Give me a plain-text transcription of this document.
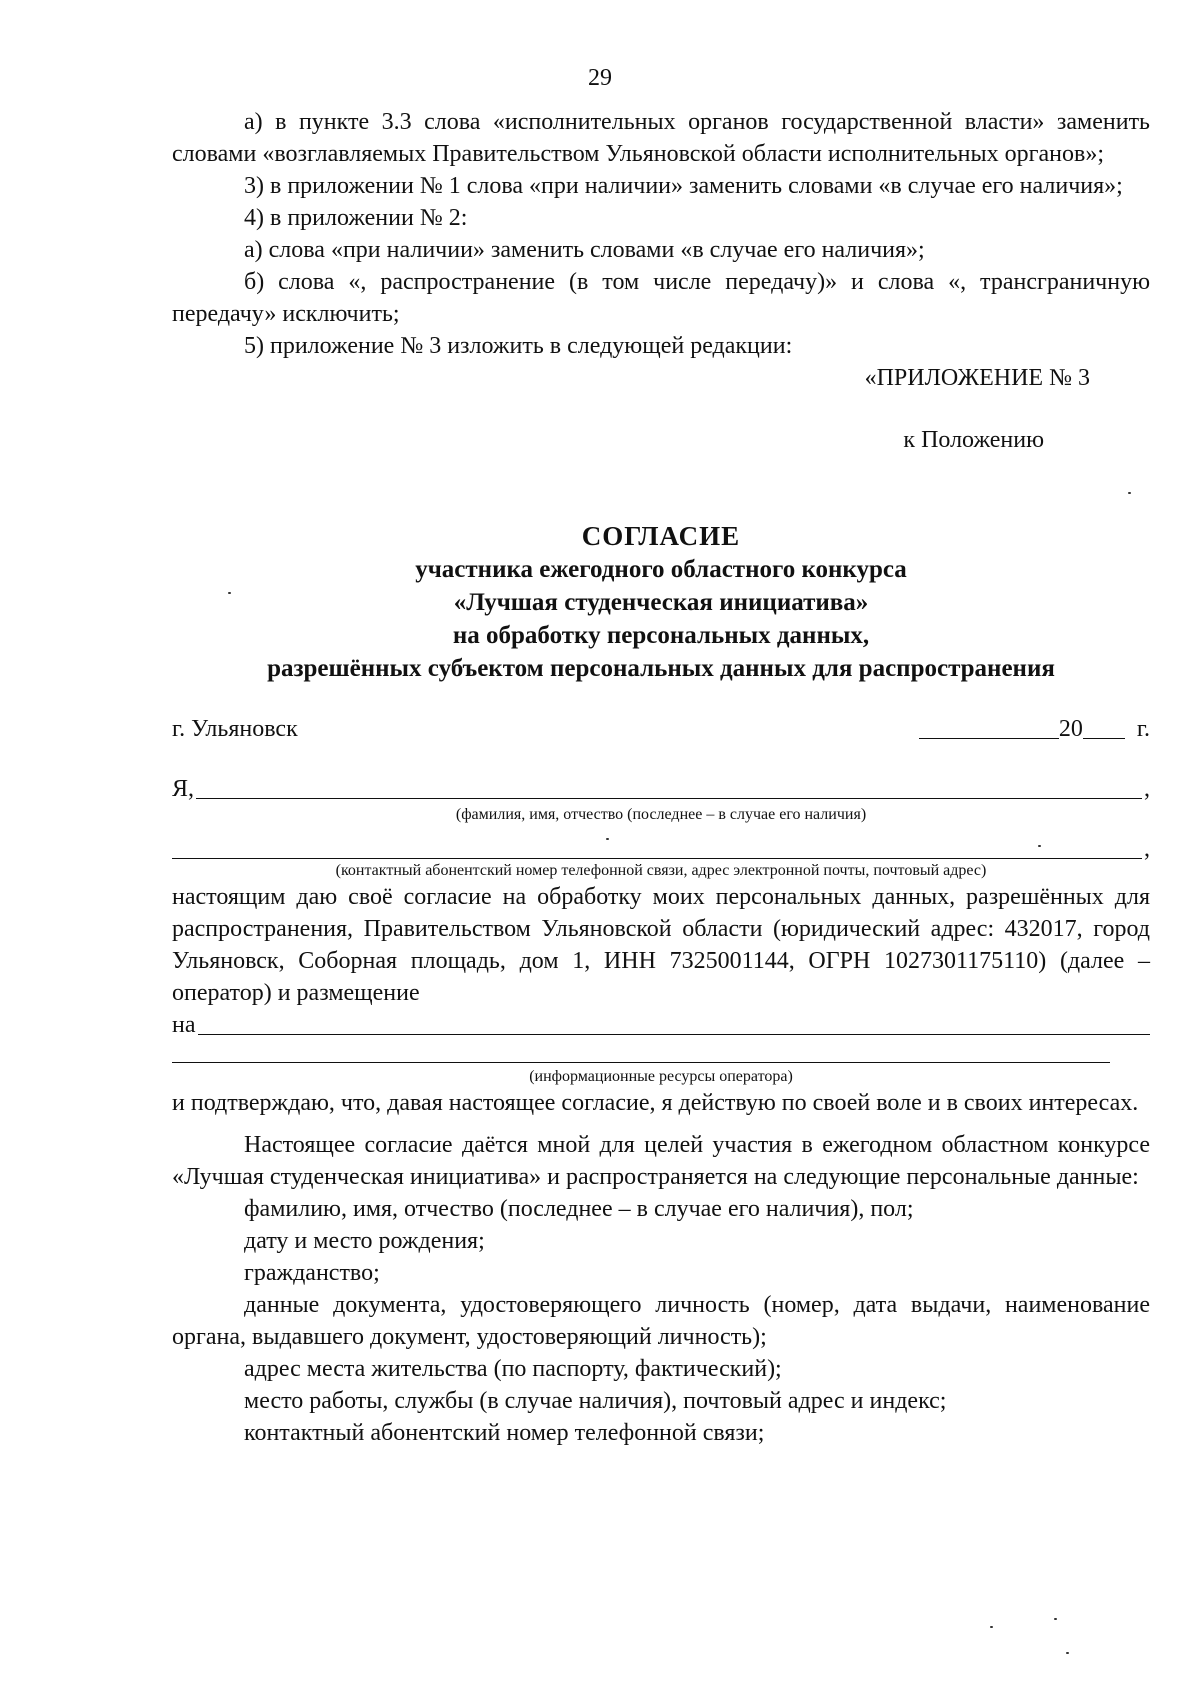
29

а) в пункте 3.3 слова «исполнительных органов государственной власти» заменить словами «возглавляемых Правительством Ульяновской области исполнительных органов»;

3) в приложении № 1 слова «при наличии» заменить словами «в случае его наличия»;

4) в приложении № 2:

а) слова «при наличии» заменить словами «в случае его наличия»;

б) слова «, распространение (в том числе передачу)» и слова «, трансграничную передачу» исключить;

5) приложение № 3 изложить в следующей редакции:

«ПРИЛОЖЕНИЕ № 3

к Положению

СОГЛАСИЕ

участника ежегодного областного конкурса

«Лучшая студенческая инициатива»

на обработку персональных данных,

разрешённых субъектом персональных данных для распространения

г. Ульяновск	20 г.
Я,	,

(фамилия, имя, отчество (последнее – в случае его наличия)

,

(контактный абонентский номер телефонной связи, адрес электронной почты, почтовый адрес)

настоящим даю своё согласие на обработку моих персональных данных, разрешённых для распространения, Правительством Ульяновской области (юридический адрес: 432017, город Ульяновск, Соборная площадь, дом 1, ИНН 7325001144, ОГРН 1027301175110) (далее – оператор) и размещение

на

(информационные ресурсы оператора)

и подтверждаю, что, давая настоящее согласие, я действую по своей воле и в своих интересах.

Настоящее согласие даётся мной для целей участия в ежегодном областном конкурсе «Лучшая студенческая инициатива» и распространяется на следующие персональные данные:

фамилию, имя, отчество (последнее – в случае его наличия), пол;

дату и место рождения;

гражданство;

данные документа, удостоверяющего личность (номер, дата выдачи, наименование органа, выдавшего документ, удостоверяющий личность);

адрес места жительства (по паспорту, фактический);

место работы, службы (в случае наличия), почтовый адрес и индекс;

контактный абонентский номер телефонной связи;
